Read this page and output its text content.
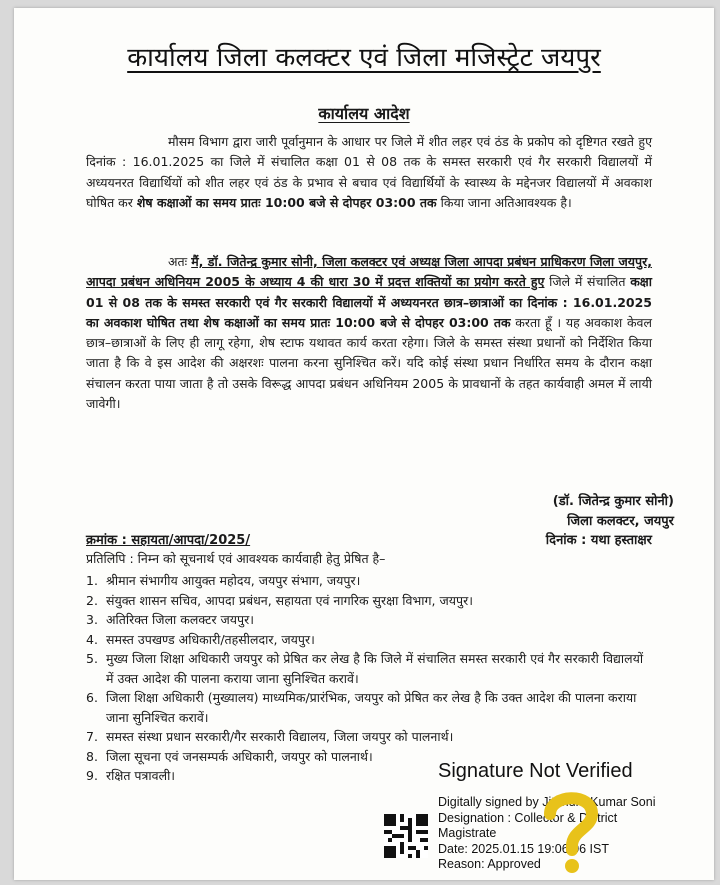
कार्यालय जिला कलक्टर एवं जिला मजिस्ट्रेट जयपुर
कार्यालय आदेश
मौसम विभाग द्वारा जारी पूर्वानुमान के आधार पर जिले में शीत लहर एवं ठंड के प्रकोप को दृष्टिगत रखते हुए दिनांक : 16.01.2025 का जिले में संचालित कक्षा 01 से 08 तक के समस्त सरकारी एवं गैर सरकारी विद्यालयों में अध्ययनरत विद्यार्थियों को शीत लहर एवं ठंड के प्रभाव से बचाव एवं विद्यार्थियों के स्वास्थ्य के मद्देनजर विद्यालयों में अवकाश घोषित कर शेष कक्षाओं का समय प्रातः 10:00 बजे से दोपहर 03:00 तक किया जाना अतिआवश्यक है।
अतः मैं, डॉ. जितेन्द्र कुमार सोनी, जिला कलक्टर एवं अध्यक्ष जिला आपदा प्रबंधन प्राधिकरण जिला जयपुर, आपदा प्रबंधन अधिनियम 2005 के अध्याय 4 की धारा 30 में प्रदत्त शक्तियों का प्रयोग करते हुए जिले में संचालित कक्षा 01 से 08 तक के समस्त सरकारी एवं गैर सरकारी विद्यालयों में अध्ययनरत छात्र–छात्राओं का दिनांक : 16.01.2025 का अवकाश घोषित तथा शेष कक्षाओं का समय प्रातः 10:00 बजे से दोपहर 03:00 तक करता हूँ । यह अवकाश केवल छात्र–छात्राओं के लिए ही लागू रहेगा, शेष स्टाफ यथावत कार्य करता रहेगा। जिले के समस्त संस्था प्रधानों को निर्देशित किया जाता है कि वे इस आदेश की अक्षरशः पालना करना सुनिश्चित करें। यदि कोई संस्था प्रधान निर्धारित समय के दौरान कक्षा संचालन करता पाया जाता है तो उसके विरूद्ध आपदा प्रबंधन अधिनियम 2005 के प्रावधानों के तहत कार्यवाही अमल में लायी जावेगी।
(डॉ. जितेन्द्र कुमार सोनी)
जिला कलक्टर, जयपुर
क्रमांक : सहायता/आपदा/2025/	दिनांक : यथा हस्ताक्षर
प्रतिलिपि : निम्न को सूचनार्थ एवं आवश्यक कार्यवाही हेतु प्रेषित है–
1. श्रीमान संभागीय आयुक्त महोदय, जयपुर संभाग, जयपुर।
2. संयुक्त शासन सचिव, आपदा प्रबंधन, सहायता एवं नागरिक सुरक्षा विभाग, जयपुर।
3. अतिरिक्त जिला कलक्टर जयपुर।
4. समस्त उपखण्ड अधिकारी/तहसीलदार, जयपुर।
5. मुख्य जिला शिक्षा अधिकारी जयपुर को प्रेषित कर लेख है कि जिले में संचालित समस्त सरकारी एवं गैर सरकारी विद्यालयों में उक्त आदेश की पालना कराया जाना सुनिश्चित करावें।
6. जिला शिक्षा अधिकारी (मुख्यालय) माध्यमिक/प्रारंभिक, जयपुर को प्रेषित कर लेख है कि उक्त आदेश की पालना कराया जाना सुनिश्चित करावें।
7. समस्त संस्था प्रधान सरकारी/गैर सरकारी विद्यालय, जिला जयपुर को पालनार्थ।
8. जिला सूचना एवं जनसम्पर्क अधिकारी, जयपुर को पालनार्थ।
9. रक्षित पत्रावली।	Signature Not Verified
Digitally signed by Jitendra Kumar Soni
Designation : Collector & District
Magistrate
Date: 2025.01.15 19:06:06 IST
Reason: Approved
